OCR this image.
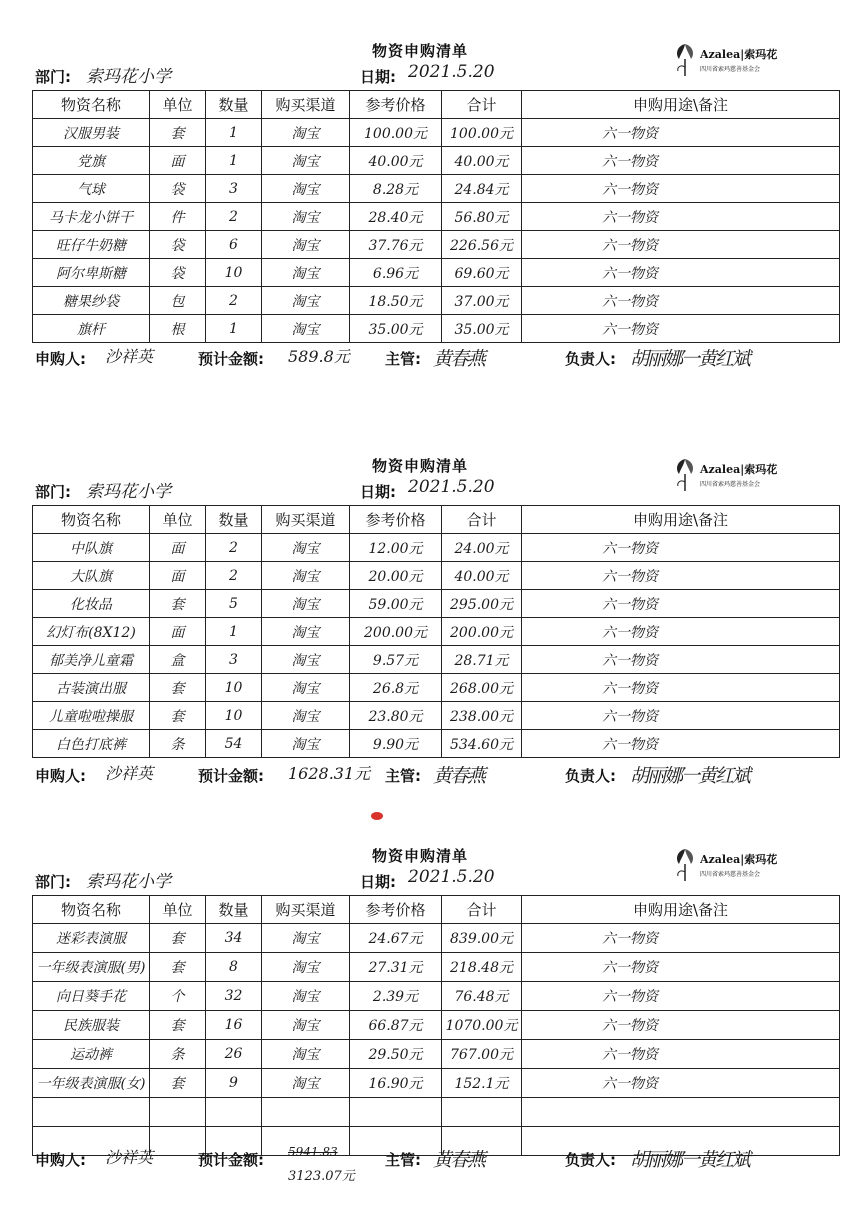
物资申购清单	Azalea|索玛花
四川省索玛慈善基金会
部门: 索玛花小学	日期: 2021.5.20
物资名称	单位	数量	购买渠道	参考价格	合计	申购用途\备注
汉服男装	套	1	淘宝	100.00元	100.00元	六一物资
党旗	面	1	淘宝	40.00元	40.00元	六一物资
气球	袋	3	淘宝	8.28元	24.84元	六一物资
马卡龙小饼干	件	2	淘宝	28.40元	56.80元	六一物资
旺仔牛奶糖	袋	6	淘宝	37.76元	226.56元	六一物资
阿尔卑斯糖	袋	10	淘宝	6.96元	69.60元	六一物资
糖果纱袋	包	2	淘宝	18.50元	37.00元	六一物资
旗杆	根	1	淘宝	35.00元	35.00元	六一物资
申购人: 沙祥英	预计金额: 589.8元 主管: 黄春燕	负责人: 胡丽娜一黄红斌
物资申购清单	Azalea|索玛花
四川省索玛慈善基金会
部门: 索玛花小学	日期: 2021.5.20
物资名称	单位	数量	购买渠道	参考价格	合计	申购用途\备注
中队旗	面	2	淘宝	12.00元	24.00元	六一物资
大队旗	面	2	淘宝	20.00元	40.00元	六一物资
化妆品	套	5	淘宝	59.00元	295.00元	六一物资
幻灯布(8X12)	面	1	淘宝	200.00元	200.00元	六一物资
郁美净儿童霜	盒	3	淘宝	9.57元	28.71元	六一物资
古装演出服	套	10	淘宝	26.8元	268.00元	六一物资
儿童啦啦操服	套	10	淘宝	23.80元	238.00元	六一物资
白色打底裤	条	54	淘宝	9.90元	534.60元	六一物资
申购人: 沙祥英	预计金额: 1628.31元 主管: 黄春燕	负责人: 胡丽娜一黄红斌
物资申购清单	Azalea|索玛花
四川省索玛慈善基金会
部门: 索玛花小学	日期: 2021.5.20
物资名称	单位	数量	购买渠道	参考价格	合计	申购用途\备注
迷彩表演服	套	34	淘宝	24.67元	839.00元	六一物资
一年级表演服(男)	套	8	淘宝	27.31元	218.48元	六一物资
向日葵手花	个	32	淘宝	2.39元	76.48元	六一物资
民族服装	套	16	淘宝	66.87元	1070.00元	六一物资
运动裤	条	26	淘宝	29.50元	767.00元	六一物资
一年级表演服(女)	套	9	淘宝	16.90元	152.1元	六一物资

申购人: 沙祥英	预计金额: 5941.83
3123.07元
主管: 黄春燕	负责人: 胡丽娜一黄红斌
